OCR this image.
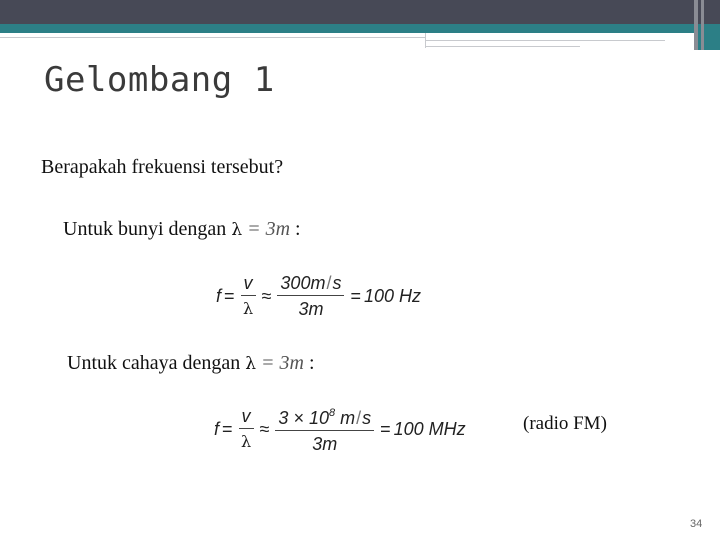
Gelombang 1
Berapakah frekuensi tersebut?
Untuk bunyi dengan λ = 3m :
$f = \frac{v}{\lambda} \approx \frac{300m/s}{3m} = 100$ Hz
Untuk cahaya dengan λ = 3m :
$f = \frac{v}{\lambda} \approx \frac{3 \times 10^8 m/s}{3m} = 100$ MHz	(radio FM)
34
